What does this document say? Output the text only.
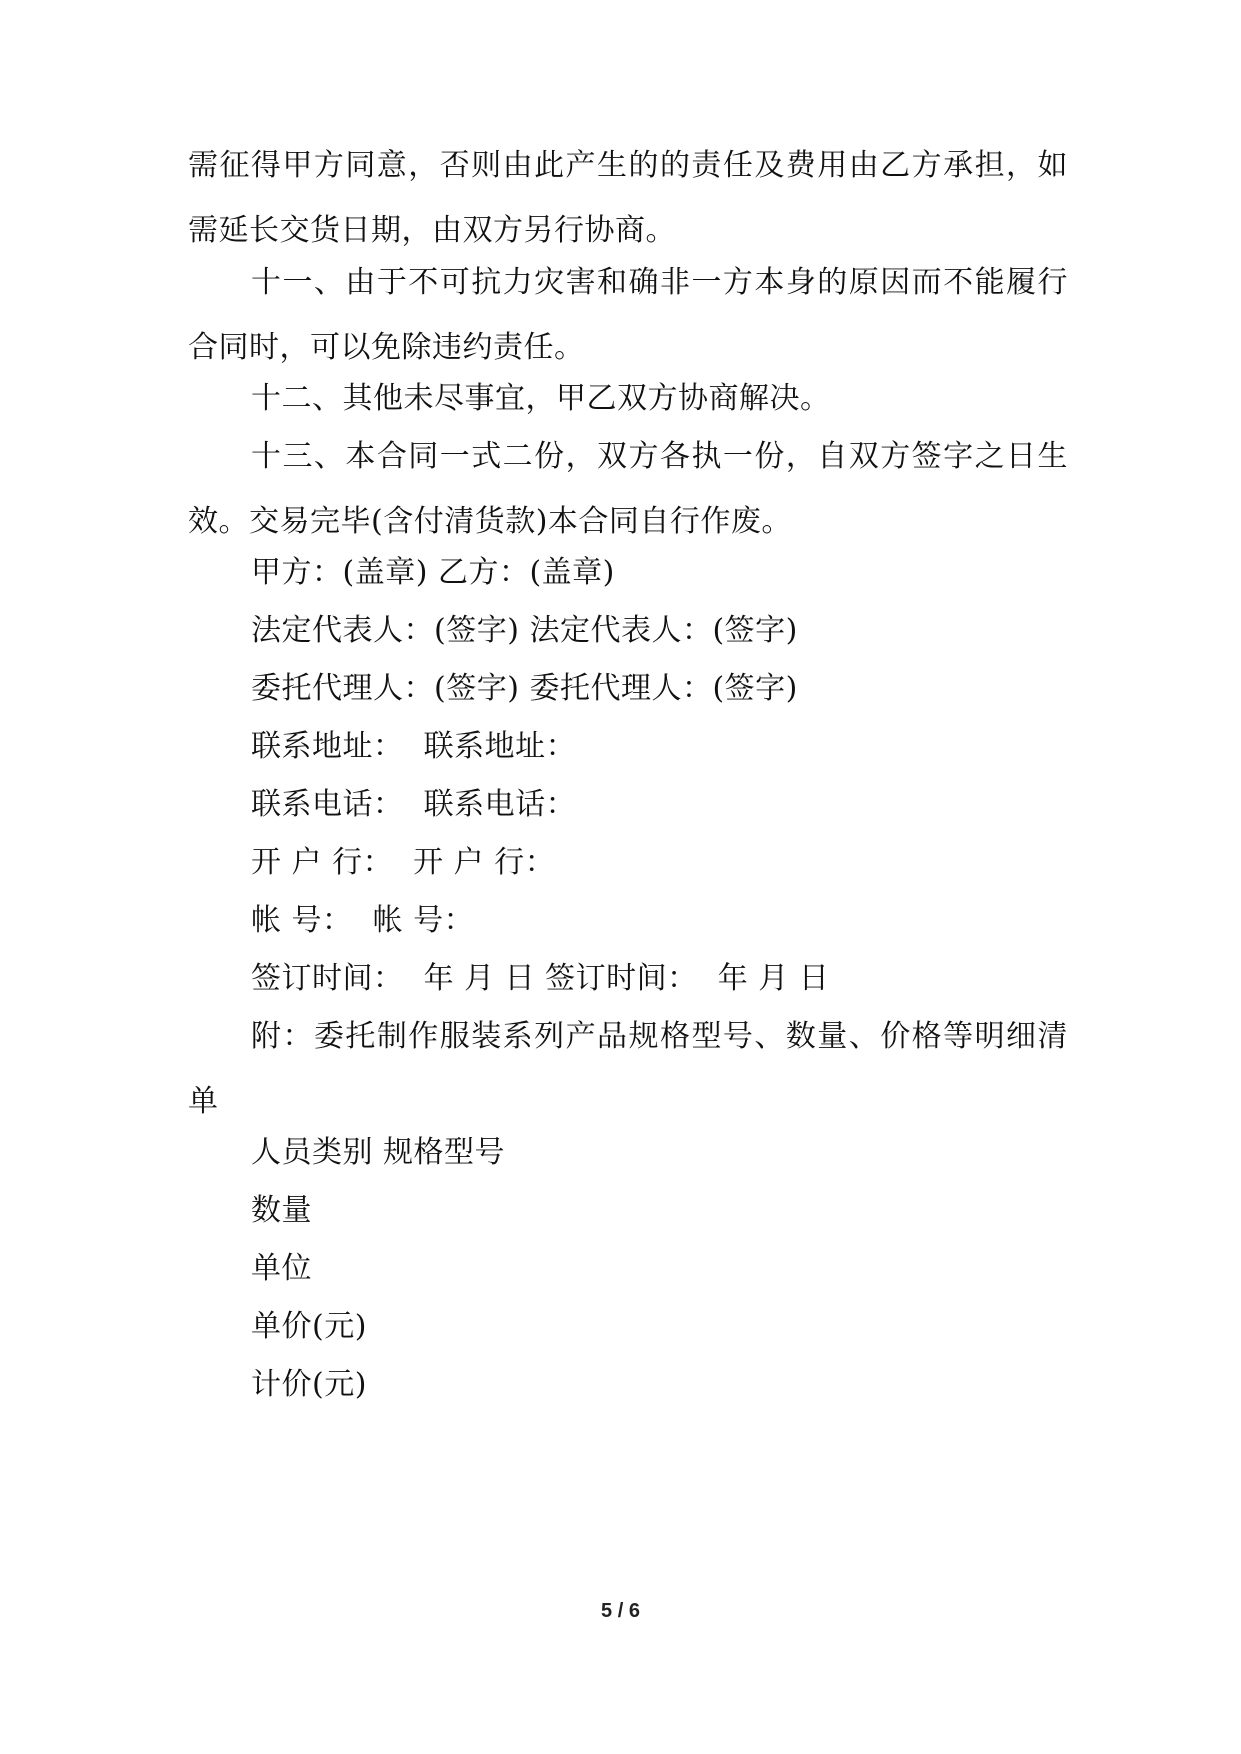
需征得甲方同意，否则由此产生的的责任及费用由乙方承担，如需延长交货日期，由双方另行协商。

十一、由于不可抗力灾害和确非一方本身的原因而不能履行合同时，可以免除违约责任。

十二、其他未尽事宜，甲乙双方协商解决。

十三、本合同一式二份，双方各执一份，自双方签字之日生效。交易完毕(含付清货款)本合同自行作废。

甲方：(盖章) 乙方：(盖章)

法定代表人：(签字) 法定代表人：(签字)

委托代理人：(签字) 委托代理人：(签字)

联系地址：  联系地址：

联系电话：  联系电话：

开 户 行：  开 户 行：

帐 号：  帐 号：

签订时间：  年 月 日 签订时间：  年 月 日

附：委托制作服装系列产品规格型号、数量、价格等明细清单

人员类别 规格型号

数量

单位

单价(元)

计价(元)

5 / 6
